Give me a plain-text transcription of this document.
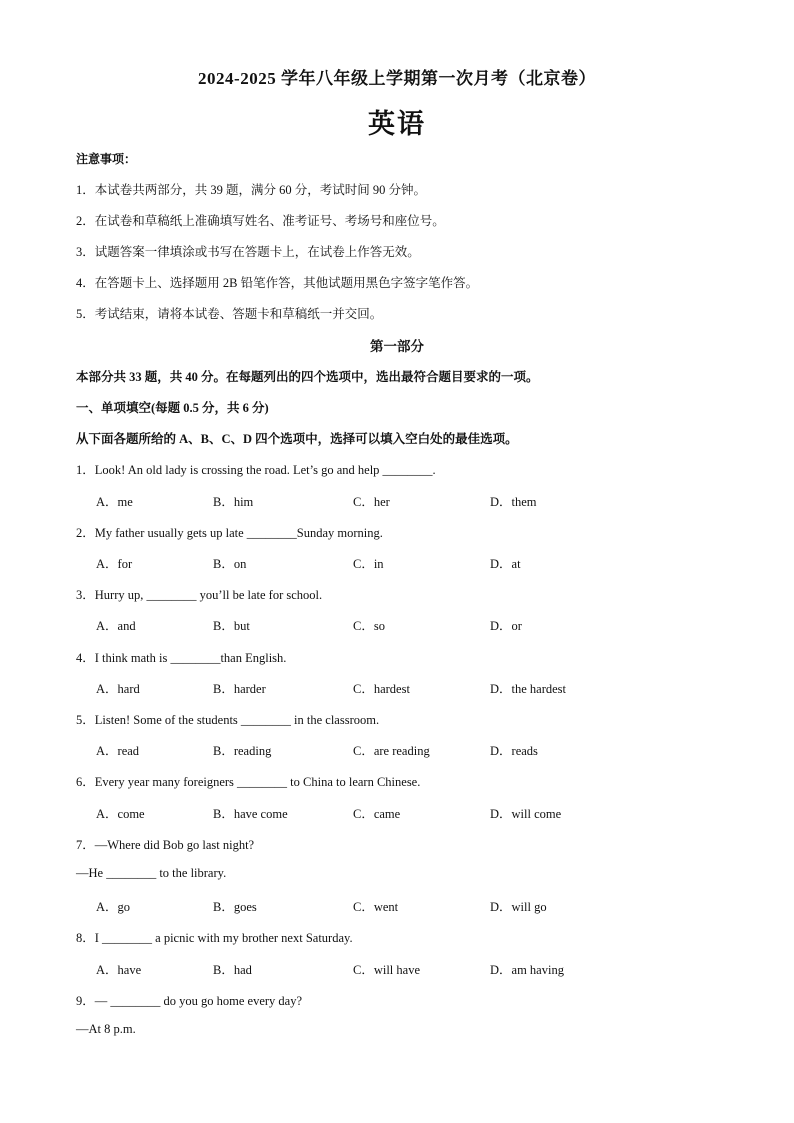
2024-2025 学年八年级上学期第一次月考（北京卷）
英语
注意事项：
1．本试卷共两部分，共 39 题，满分 60 分，考试时间 90 分钟。
2．在试卷和草稿纸上准确填写姓名、准考证号、考场号和座位号。
3．试题答案一律填涂或书写在答题卡上，在试卷上作答无效。
4．在答题卡上、选择题用 2B 铅笔作答，其他试题用黑色字签字笔作答。
5．考试结束，请将本试卷、答题卡和草稿纸一并交回。
第一部分
本部分共 33 题，共 40 分。在每题列出的四个选项中，选出最符合题目要求的一项。
一、单项填空(每题 0.5 分，共 6 分)
从下面各题所给的 A、B、C、D 四个选项中，选择可以填入空白处的最佳选项。
1．Look! An old lady is crossing the road. Let’s go and help ________.
A．me	B．him	C．her	D．them
2．My father usually gets up late ________Sunday morning.
A．for	B．on	C．in	D．at
3．Hurry up, ________ you’ll be late for school.
A．and	B．but	C．so	D．or
4．I think math is ________than English.
A．hard	B．harder	C．hardest	D．the hardest
5．Listen! Some of the students ________ in the classroom.
A．read	B．reading	C．are reading	D．reads
6．Every year many foreigners ________ to China to learn Chinese.
A．come	B．have come	C．came	D．will come
7．—Where did Bob go last night?
—He ________ to the library.
A．go	B．goes	C．went	D．will go
8．I ________ a picnic with my brother next Saturday.
A．have	B．had	C．will have	D．am having
9．— ________ do you go home every day?
—At 8 p.m.
